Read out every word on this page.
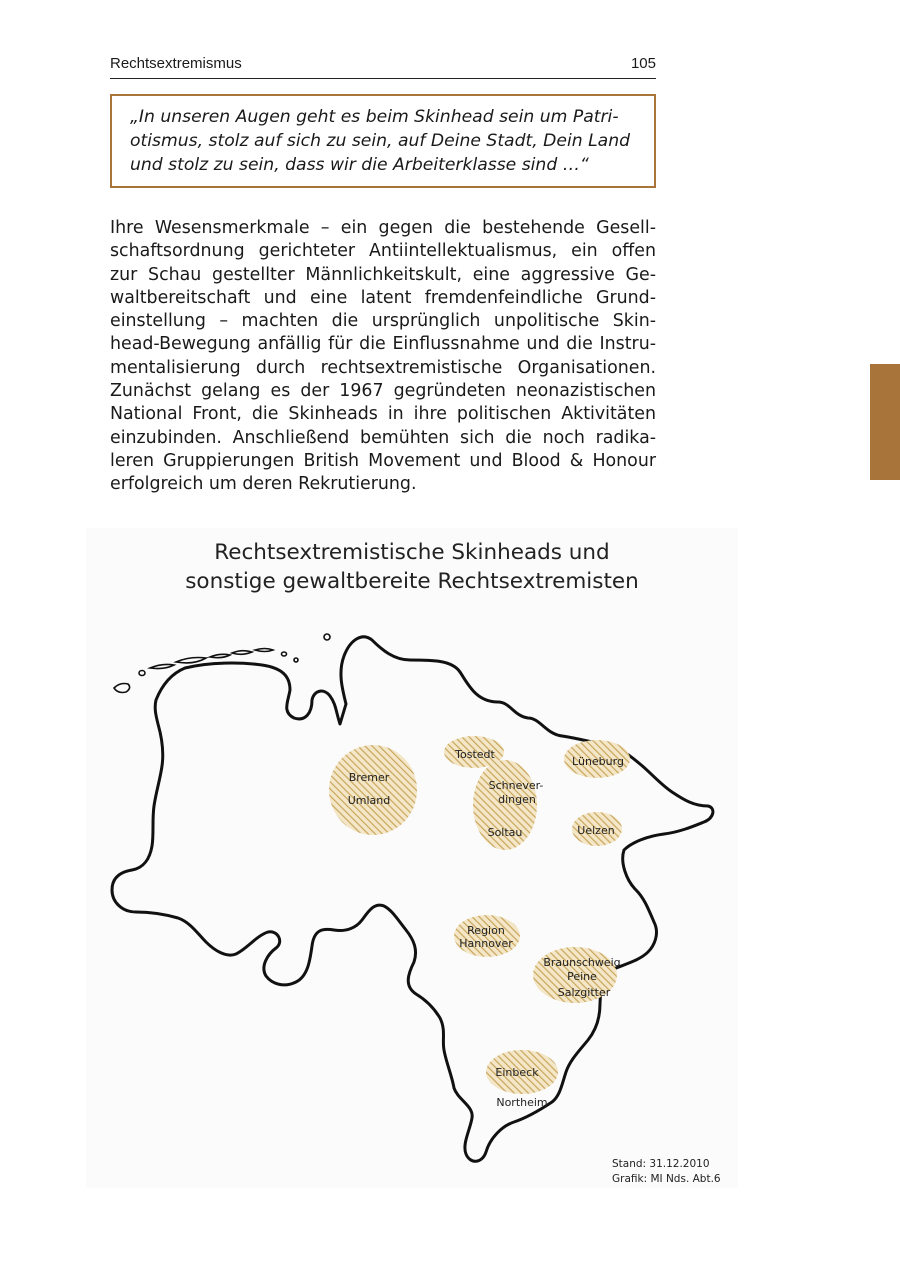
Rechtsextremismus	105
„In unseren Augen geht es beim Skinhead sein um Patri-
otismus, stolz auf sich zu sein, auf Deine Stadt, Dein Land
und stolz zu sein, dass wir die Arbeiterklasse sind …“
Ihre Wesensmerkmale – ein gegen die bestehende Gesell-
schaftsordnung gerichteter Antiintellektualismus, ein offen
zur Schau gestellter Männlichkeitskult, eine aggressive Ge-
waltbereitschaft und eine latent fremdenfeindliche Grund-
einstellung – machten die ursprünglich unpolitische Skin-
head-Bewegung anfällig für die Einflussnahme und die Instru-
mentalisierung durch rechtsextremistische Organisationen.
Zunächst gelang es der 1967 gegründeten neonazistischen
National Front, die Skinheads in ihre politischen Aktivitäten
einzubinden. Anschließend bemühten sich die noch radika-
leren Gruppierungen British Movement und Blood & Honour
erfolgreich um deren Rekrutierung.
Rechtsextremistische Skinheads und
sonstige gewaltbereite Rechtsextremisten
Bremer
Umland
Tostedt
Schnever-
dingen
Soltau
Lüneburg
Uelzen
Region
Hannover
Braunschweig
Peine
Salzgitter
Einbeck
Northeim
Stand: 31.12.2010
Grafik: MI Nds. Abt.6
